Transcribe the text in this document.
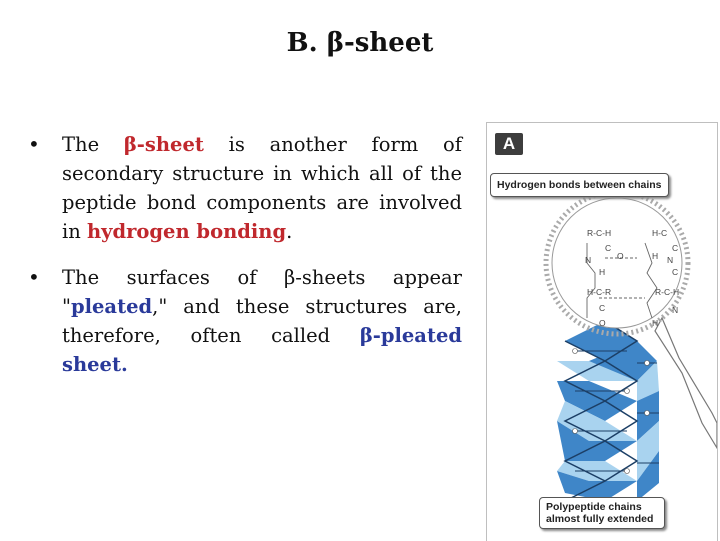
B. β-sheet
•	The β-sheet is another form of secondary structure in which all of the peptide bond components are involved in hydrogen bonding.
•	The surfaces of β-sheets appear "pleated," and these structures are, therefore, often called β-pleated sheet.
A
Hydrogen bonds between chains
Polypeptide chains almost fully extended
R-C-H	H-C
C	C
N	O	H N
H	C
H-C-R	R-C-H
C	N
O	H
